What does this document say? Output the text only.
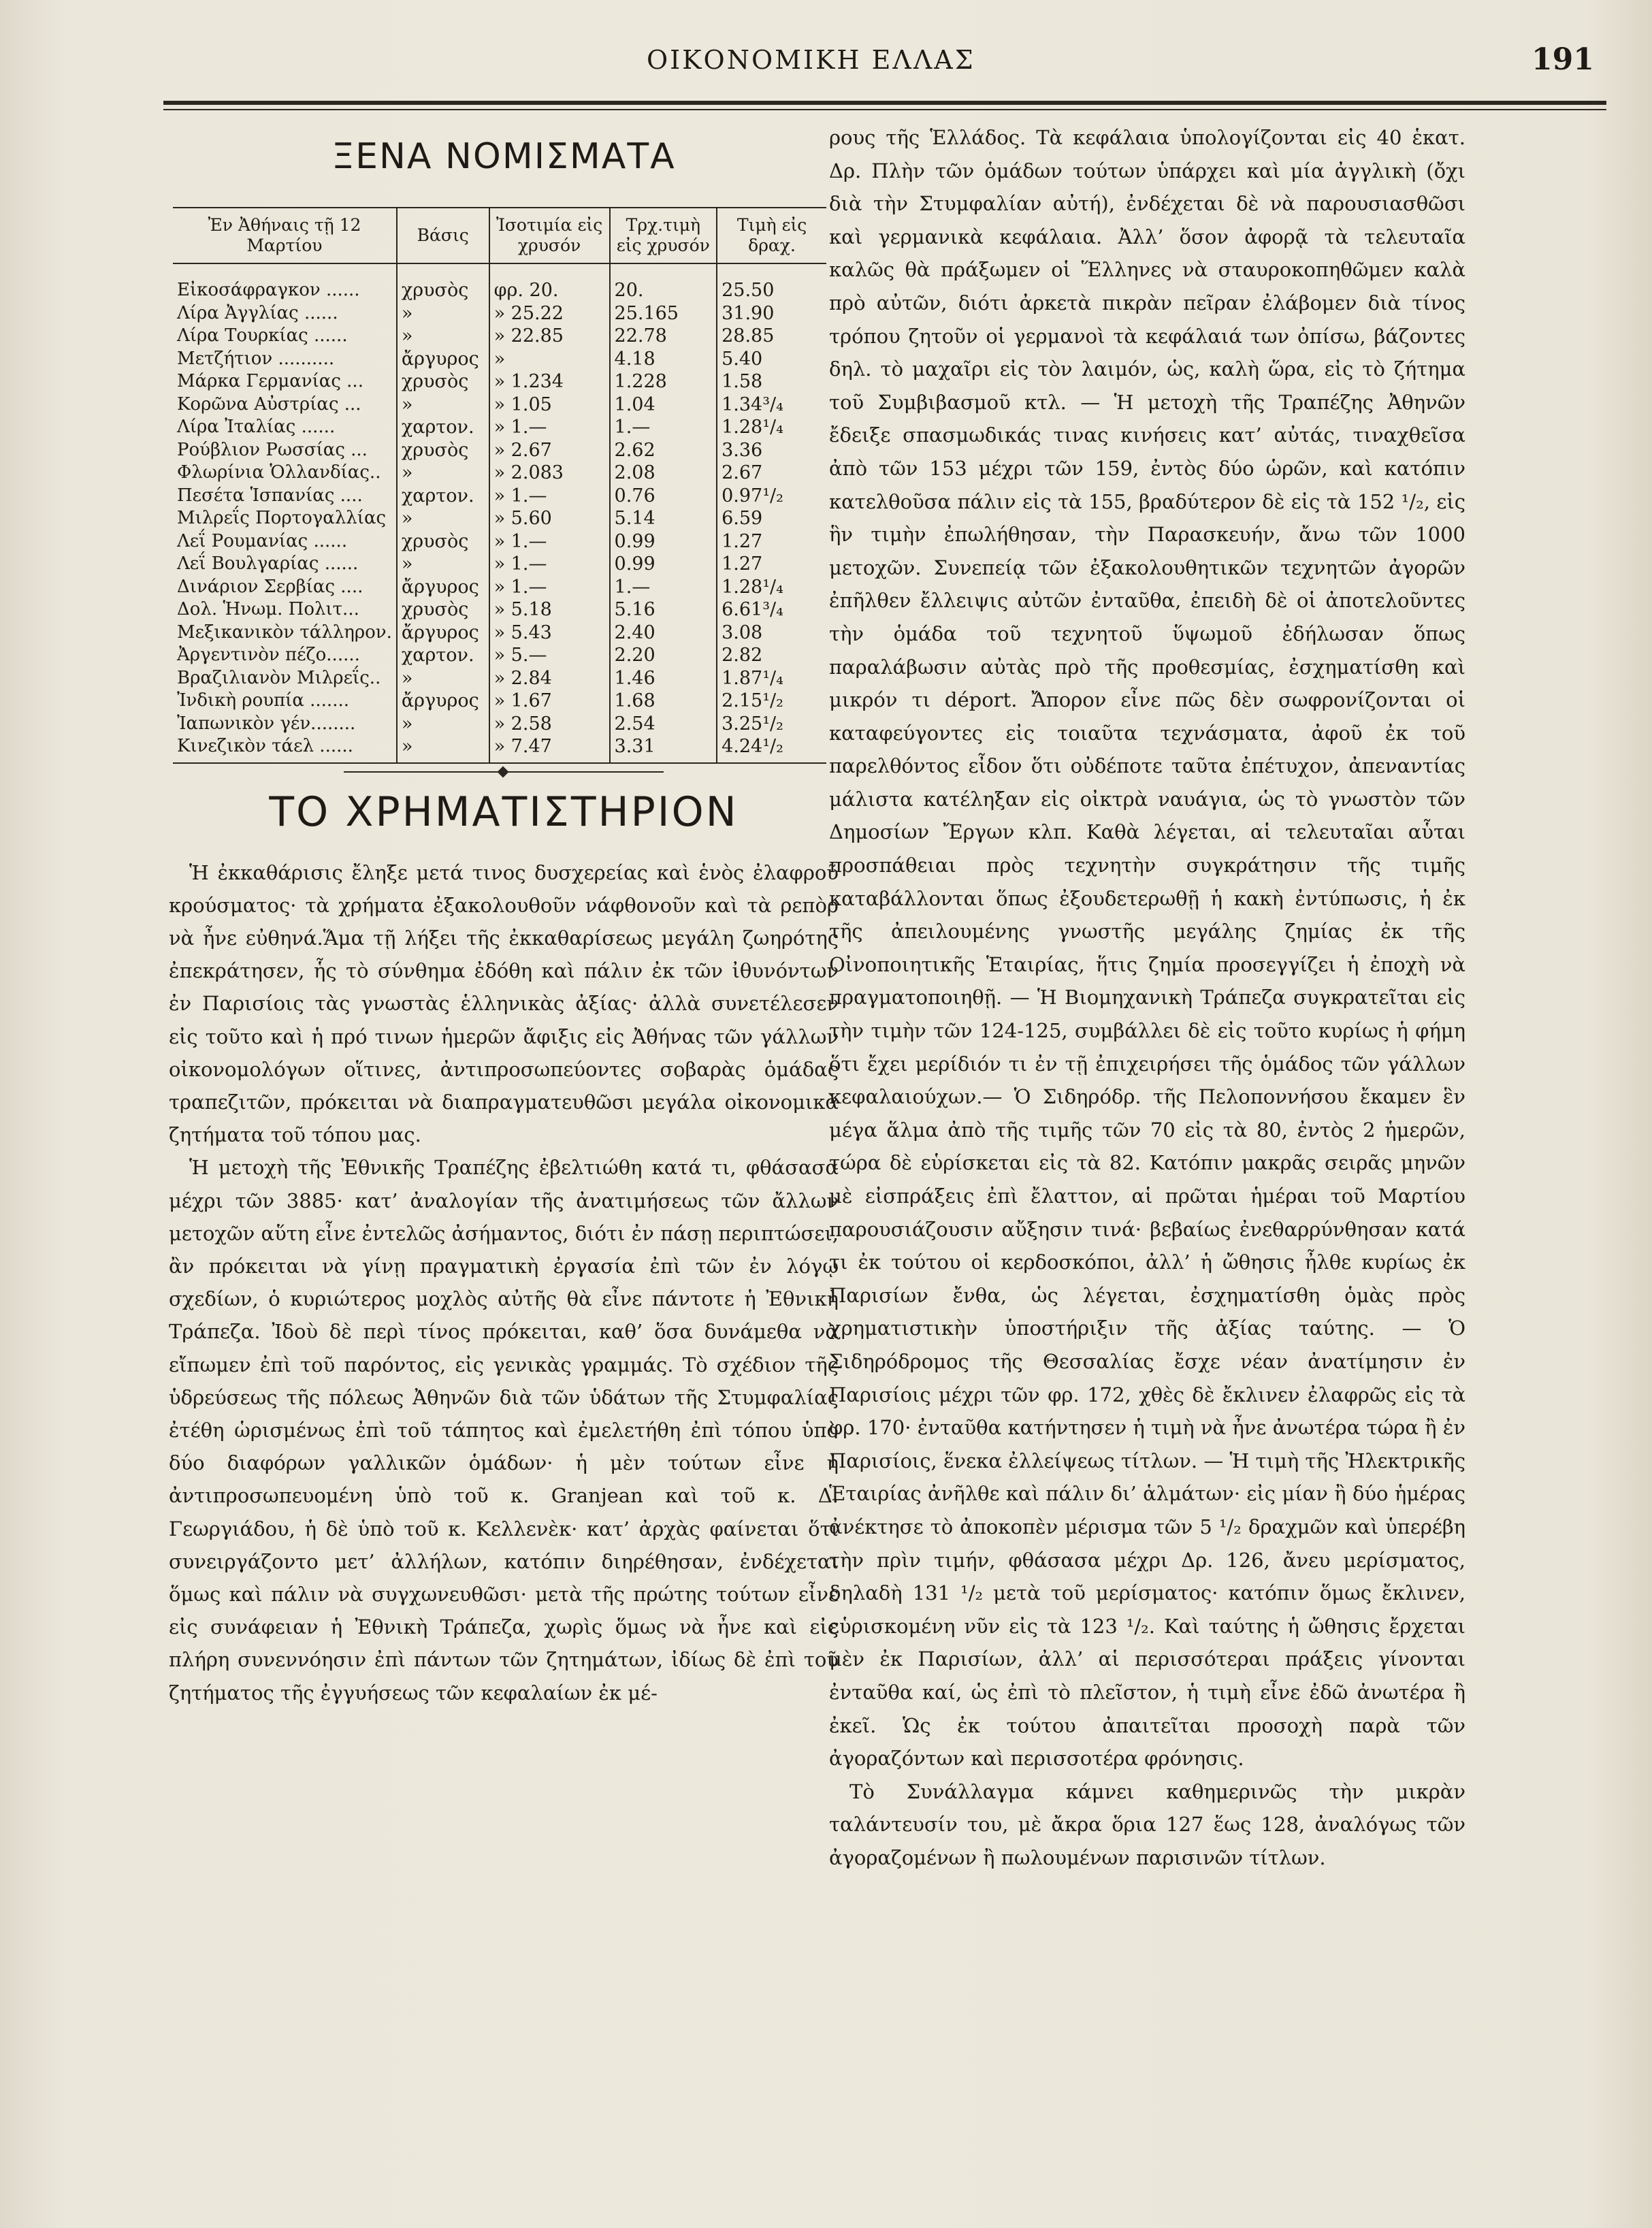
ΟΙΚΟΝΟΜΙΚΗ ΕΛΛΑΣ	191
ΞΕΝΑ ΝΟΜΙΣΜΑΤΑ
Ἐν Ἀθήναις τῇ 12 Μαρτίου	Βάσις	Ἰσοτιμία εἰς χρυσόν	Τρχ.τιμὴ εἰς χρυσόν	Τιμὴ εἰς δραχ.
Εἰκοσάφραγκον ......	χρυσὸς	φρ. 20.	20.	25.50
Λίρα Ἀγγλίας ......	»	» 25.22	25.165	31.90
Λίρα Τουρκίας ......	»	» 22.85	22.78	28.85
Μετζήτιον ..........	ἄργυρος	»	4.18	5.40
Μάρκα Γερμανίας ...	χρυσὸς	» 1.234	1.228	1.58
Κορῶνα Αὐστρίας ...	»	» 1.05	1.04	1.34³/₄
Λίρα Ἰταλίας ......	χαρτον.	» 1.—	1.—	1.28¹/₄
Ρούβλιον Ρωσσίας ...	χρυσὸς	» 2.67	2.62	3.36
Φλωρίνια Ὁλλανδίας..	»	» 2.083	2.08	2.67
Πεσέτα Ἱσπανίας ....	χαρτον.	» 1.—	0.76	0.97¹/₂
Μιλρεΐς Πορτογαλλίας	»	» 5.60	5.14	6.59
Λεΐ Ρουμανίας ......	χρυσὸς	» 1.—	0.99	1.27
Λεΐ Βουλγαρίας ......	»	» 1.—	0.99	1.27
Δινάριον Σερβίας ....	ἄργυρος	» 1.—	1.—	1.28¹/₄
Δολ. Ἡνωμ. Πολιτ...	χρυσὸς	» 5.18	5.16	6.61³/₄
Μεξικανικὸν τάλληρον.	ἄργυρος	» 5.43	2.40	3.08
Ἀργεντινὸν πέζο......	χαρτον.	» 5.—	2.20	2.82
Βραζιλιανὸν Μιλρεΐς..	»	» 2.84	1.46	1.87¹/₄
Ἰνδικὴ ρουπία .......	ἄργυρος	» 1.67	1.68	2.15¹/₂
Ἰαπωνικὸν γέν........	»	» 2.58	2.54	3.25¹/₂
Κινεζικὸν τάελ ......	»	» 7.47	3.31	4.24¹/₂
ΤΟ ΧΡΗΜΑΤΙΣΤΗΡΙΟΝ

Ἡ ἐκκαθάρισις ἔληξε μετά τινος δυσχερείας καὶ ἑνὸς ἐλαφροῦ κρούσματος· τὰ χρήματα ἐξακολουθοῦν νάφθονοῦν καὶ τὰ ρεπὸρ νὰ ἦνε εὐθηνά.Ἅμα τῇ λήξει τῆς ἐκκαθαρίσεως μεγάλη ζωηρότης ἐπεκράτησεν, ἧς τὸ σύνθημα ἐδόθη καὶ πάλιν ἐκ τῶν ἰθυνόντων ἐν Παρισίοις τὰς γνωστὰς ἑλληνικὰς ἀξίας· ἀλλὰ συνετέλεσεν εἰς τοῦτο καὶ ἡ πρό τινων ἡμερῶν ἄφιξις εἰς Ἀθήνας τῶν γάλλων οἰκονομολόγων οἵτινες, ἀντιπροσωπεύοντες σοβαρὰς ὁμάδας τραπεζιτῶν, πρόκειται νὰ διαπραγματευθῶσι μεγάλα οἰκονομικὰ ζητήματα τοῦ τόπου μας.

Ἡ μετοχὴ τῆς Ἐθνικῆς Τραπέζης ἐβελτιώθη κατά τι, φθάσασα μέχρι τῶν 3885· κατ’ ἀναλογίαν τῆς ἀνατιμήσεως τῶν ἄλλων μετοχῶν αὕτη εἶνε ἐντελῶς ἀσήμαντος, διότι ἐν πάσῃ περιπτώσει, ἂν πρόκειται νὰ γίνῃ πραγματικὴ ἐργασία ἐπὶ τῶν ἐν λόγῳ σχεδίων, ὁ κυριώτερος μοχλὸς αὐτῆς θὰ εἶνε πάντοτε ἡ Ἐθνικὴ Τράπεζα. Ἰδοὺ δὲ περὶ τίνος πρόκειται, καθ’ ὅσα δυνάμεθα νὰ εἴπωμεν ἐπὶ τοῦ παρόντος, εἰς γενικὰς γραμμάς. Τὸ σχέδιον τῆς ὑδρεύσεως τῆς πόλεως Ἀθηνῶν διὰ τῶν ὑδάτων τῆς Στυμφαλίας ἐτέθη ὡρισμένως ἐπὶ τοῦ τάπητος καὶ ἐμελετήθη ἐπὶ τόπου ὑπὸ δύο διαφόρων γαλλικῶν ὁμάδων· ἡ μὲν τούτων εἶνε ἡ ἀντιπροσωπευομένη ὑπὸ τοῦ κ. Granjean καὶ τοῦ κ. Δ. Γεωργιάδου, ἡ δὲ ὑπὸ τοῦ κ. Κελλενὲκ· κατ’ ἀρχὰς φαίνεται ὅτι συνειργάζοντο μετ’ ἀλλήλων, κατόπιν διηρέθησαν, ἐνδέχεται ὅμως καὶ πάλιν νὰ συγχωνευθῶσι· μετὰ τῆς πρώτης τούτων εἶνε εἰς συνάφειαν ἡ Ἐθνικὴ Τράπεζα, χωρὶς ὅμως νὰ ἦνε καὶ εἰς πλήρη συνεννόησιν ἐπὶ πάντων τῶν ζητημάτων, ἰδίως δὲ ἐπὶ τοῦ ζητήματος τῆς ἐγγυήσεως τῶν κεφαλαίων ἐκ μέ-

ρους τῆς Ἑλλάδος. Τὰ κεφάλαια ὑπολογίζονται εἰς 40 ἑκατ. Δρ. Πλὴν τῶν ὁμάδων τούτων ὑπάρχει καὶ μία ἀγγλικὴ (ὄχι διὰ τὴν Στυμφαλίαν αὐτή), ἐνδέχεται δὲ νὰ παρουσιασθῶσι καὶ γερμανικὰ κεφάλαια. Ἀλλ’ ὅσον ἀφορᾷ τὰ τελευταῖα καλῶς θὰ πράξωμεν οἱ Ἕλληνες νὰ σταυροκοπηθῶμεν καλὰ πρὸ αὐτῶν, διότι ἀρκετὰ πικρὰν πεῖραν ἐλάβομεν διὰ τίνος τρόπου ζητοῦν οἱ γερμανοὶ τὰ κεφάλαιά των ὀπίσω, βάζοντες δηλ. τὸ μαχαῖρι εἰς τὸν λαιμόν, ὡς, καλὴ ὥρα, εἰς τὸ ζήτημα τοῦ Συμβιβασμοῦ κτλ. — Ἡ μετοχὴ τῆς Τραπέζης Ἀθηνῶν ἔδειξε σπασμωδικάς τινας κινήσεις κατ’ αὐτάς, τιναχθεῖσα ἀπὸ τῶν 153 μέχρι τῶν 159, ἐντὸς δύο ὡρῶν, καὶ κατόπιν κατελθοῦσα πάλιν εἰς τὰ 155, βραδύτερον δὲ εἰς τὰ 152 ¹/₂, εἰς ἣν τιμὴν ἐπωλήθησαν, τὴν Παρασκευήν, ἄνω τῶν 1000 μετοχῶν. Συνεπείᾳ τῶν ἐξακολουθητικῶν τεχνητῶν ἀγορῶν ἐπῆλθεν ἔλλειψις αὐτῶν ἐνταῦθα, ἐπειδὴ δὲ οἱ ἀποτελοῦντες τὴν ὁμάδα τοῦ τεχνητοῦ ὕψωμοῦ ἐδήλωσαν ὅπως παραλάβωσιν αὐτὰς πρὸ τῆς προθεσμίας, ἐσχηματίσθη καὶ μικρόν τι déport. Ἄπορον εἶνε πῶς δὲν σωφρονίζονται οἱ καταφεύγοντες εἰς τοιαῦτα τεχνάσματα, ἀφοῦ ἐκ τοῦ παρελθόντος εἶδον ὅτι οὐδέποτε ταῦτα ἐπέτυχον, ἀπεναντίας μάλιστα κατέληξαν εἰς οἰκτρὰ ναυάγια, ὡς τὸ γνωστὸν τῶν Δημοσίων Ἔργων κλπ. Καθὰ λέγεται, αἱ τελευταῖαι αὗται προσπάθειαι πρὸς τεχνητὴν συγκράτησιν τῆς τιμῆς καταβάλλονται ὅπως ἐξουδετερωθῇ ἡ κακὴ ἐντύπωσις, ἡ ἐκ τῆς ἀπειλουμένης γνωστῆς μεγάλης ζημίας ἐκ τῆς Οἰνοποιητικῆς Ἑταιρίας, ἥτις ζημία προσεγγίζει ἡ ἐποχὴ νὰ πραγματοποιηθῇ. — Ἡ Βιομηχανικὴ Τράπεζα συγκρατεῖται εἰς τὴν τιμὴν τῶν 124-125, συμβάλλει δὲ εἰς τοῦτο κυρίως ἡ φήμη ὅτι ἔχει μερίδιόν τι ἐν τῇ ἐπιχειρήσει τῆς ὁμάδος τῶν γάλλων κεφαλαιούχων.— Ὁ Σιδηρόδρ. τῆς Πελοποννήσου ἔκαμεν ἓν μέγα ἅλμα ἀπὸ τῆς τιμῆς τῶν 70 εἰς τὰ 80, ἐντὸς 2 ἡμερῶν, τώρα δὲ εὑρίσκεται εἰς τὰ 82. Κατόπιν μακρᾶς σειρᾶς μηνῶν μὲ εἰσπράξεις ἐπὶ ἔλαττον, αἱ πρῶται ἡμέραι τοῦ Μαρτίου παρουσιάζουσιν αὔξησιν τινά· βεβαίως ἐνεθαρρύνθησαν κατά τι ἐκ τούτου οἱ κερδοσκόποι, ἀλλ’ ἡ ὤθησις ἦλθε κυρίως ἐκ Παρισίων ἔνθα, ὡς λέγεται, ἐσχηματίσθη ὁμὰς πρὸς χρηματιστικὴν ὑποστήριξιν τῆς ἀξίας ταύτης. — Ὁ Σιδηρόδρομος τῆς Θεσσαλίας ἔσχε νέαν ἀνατίμησιν ἐν Παρισίοις μέχρι τῶν φρ. 172, χθὲς δὲ ἔκλινεν ἐλαφρῶς εἰς τὰ φρ. 170· ἐνταῦθα κατήντησεν ἡ τιμὴ νὰ ἦνε ἀνωτέρα τώρα ἢ ἐν Παρισίοις, ἕνεκα ἐλλείψεως τίτλων. — Ἡ τιμὴ τῆς Ἠλεκτρικῆς Ἑταιρίας ἀνῆλθε καὶ πάλιν δι’ ἁλμάτων· εἰς μίαν ἢ δύο ἡμέρας ἀνέκτησε τὸ ἀποκοπὲν μέρισμα τῶν 5 ¹/₂ δραχμῶν καὶ ὑπερέβη τὴν πρὶν τιμήν, φθάσασα μέχρι Δρ. 126, ἄνευ μερίσματος, δηλαδὴ 131 ¹/₂ μετὰ τοῦ μερίσματος· κατόπιν ὅμως ἔκλινεν, εὑρισκομένη νῦν εἰς τὰ 123 ¹/₂. Καὶ ταύτης ἡ ὤθησις ἔρχεται μὲν ἐκ Παρισίων, ἀλλ’ αἱ περισσότεραι πράξεις γίνονται ἐνταῦθα καί, ὡς ἐπὶ τὸ πλεῖστον, ἡ τιμὴ εἶνε ἐδῶ ἀνωτέρα ἢ ἐκεῖ. Ὡς ἐκ τούτου ἀπαιτεῖται προσοχὴ παρὰ τῶν ἀγοραζόντων καὶ περισσοτέρα φρόνησις.

Τὸ Συνάλλαγμα κάμνει καθημερινῶς τὴν μικρὰν ταλάντευσίν του, μὲ ἄκρα ὅρια 127 ἕως 128, ἀναλόγως τῶν ἀγοραζομένων ἢ πωλουμένων παρισινῶν τίτλων.
